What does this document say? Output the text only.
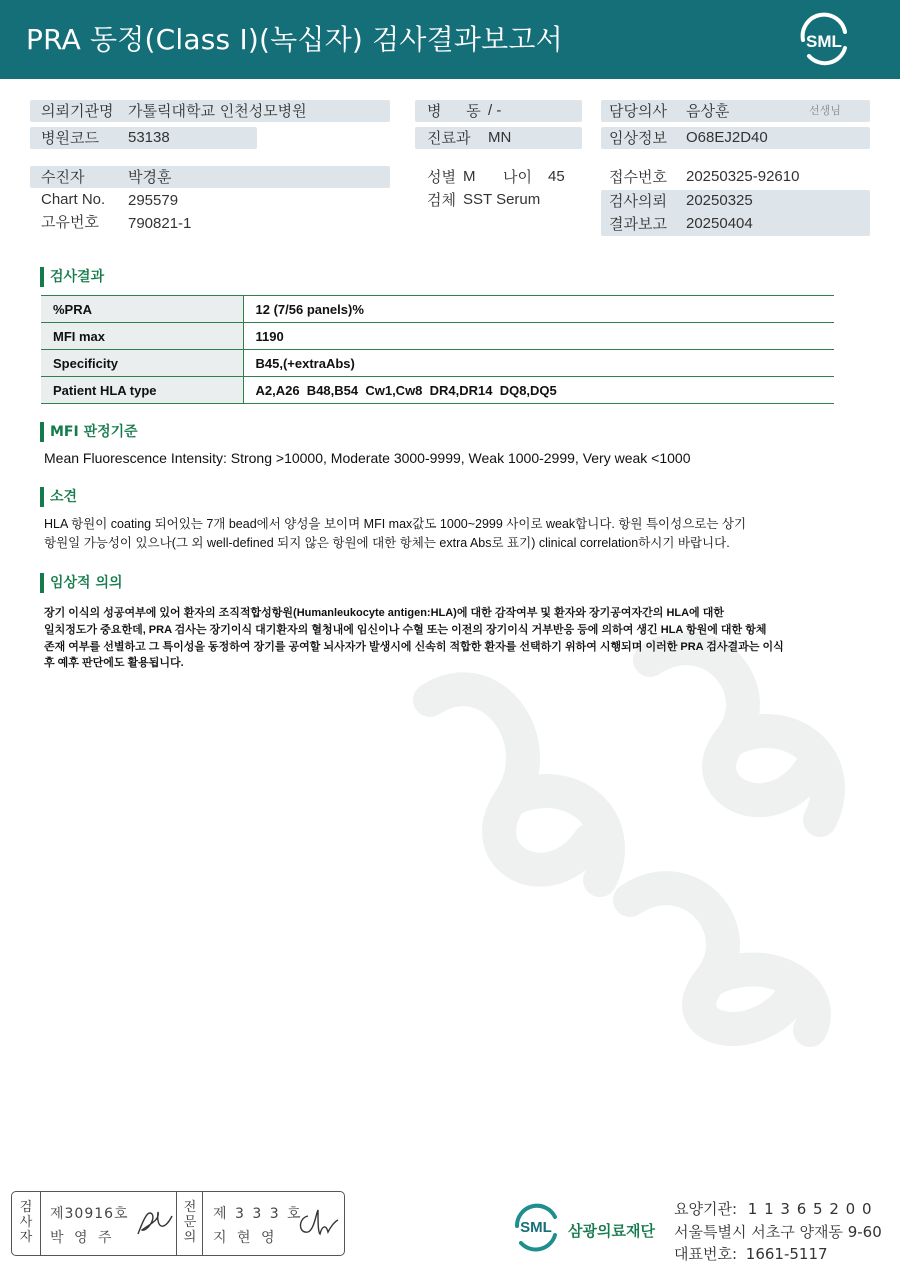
PRA 동정(Class I)(녹십자) 검사결과보고서	SML
의뢰기관명 가톨릭대학교 인천성모병원
병원코드 53138
병 동
/ -
진료과 MN
담당의사 음상훈	선생님
임상정보 O68EJ2D40
수진자	박경훈
Chart No. 295579
고유번호 790821-1
성별 M 나이 45
검체 SST Serum
접수번호 20250325-92610
검사의뢰 20250325
결과보고 20250404
검사결과
%PRA	12 (7/56 panels)%
MFI max	1190
Specificity	B45,(+extraAbs)
Patient HLA type	A2,A26  B48,B54  Cw1,Cw8  DR4,DR14  DQ8,DQ5
MFI 판정기준
Mean Fluorescence Intensity: Strong >10000, Moderate 3000-9999, Weak 1000-2999, Very weak <1000
소견
HLA 항원이 coating 되어있는 7개 bead에서 양성을 보이며 MFI max값도 1000~2999 사이로 weak합니다. 항원 특이성으로는 상기
항원일 가능성이 있으나(그 외 well-defined 되지 않은 항원에 대한 항체는 extra Abs로 표기) clinical correlation하시기 바랍니다.
임상적 의의
장기 이식의 성공여부에 있어 환자의 조직적합성항원(Humanleukocyte antigen:HLA)에 대한 감작여부 및 환자와 장기공여자간의 HLA에 대한
일치정도가 중요한데, PRA 검사는 장기이식 대기환자의 혈청내에 임신이나 수혈 또는 이전의 장기이식 거부반응 등에 의하여 생긴 HLA 항원에 대한 항체
존재 여부를 선별하고 그 특이성을 동정하여 장기를 공여할 뇌사자가 발생시에 신속히 적합한 환자를 선택하기 위하여 시행되며 이러한 PRA 검사결과는 이식
후 예후 판단에도 활용됩니다.
검사자
제30916호
박 영 주
전문의
제 3 3 3 호
지 현 영
SML 삼광의료재단
요양기관: 1 1 3 6 5 2 0 0
서울특별시 서초구 양재동 9-60
대표번호: 1661-5117
